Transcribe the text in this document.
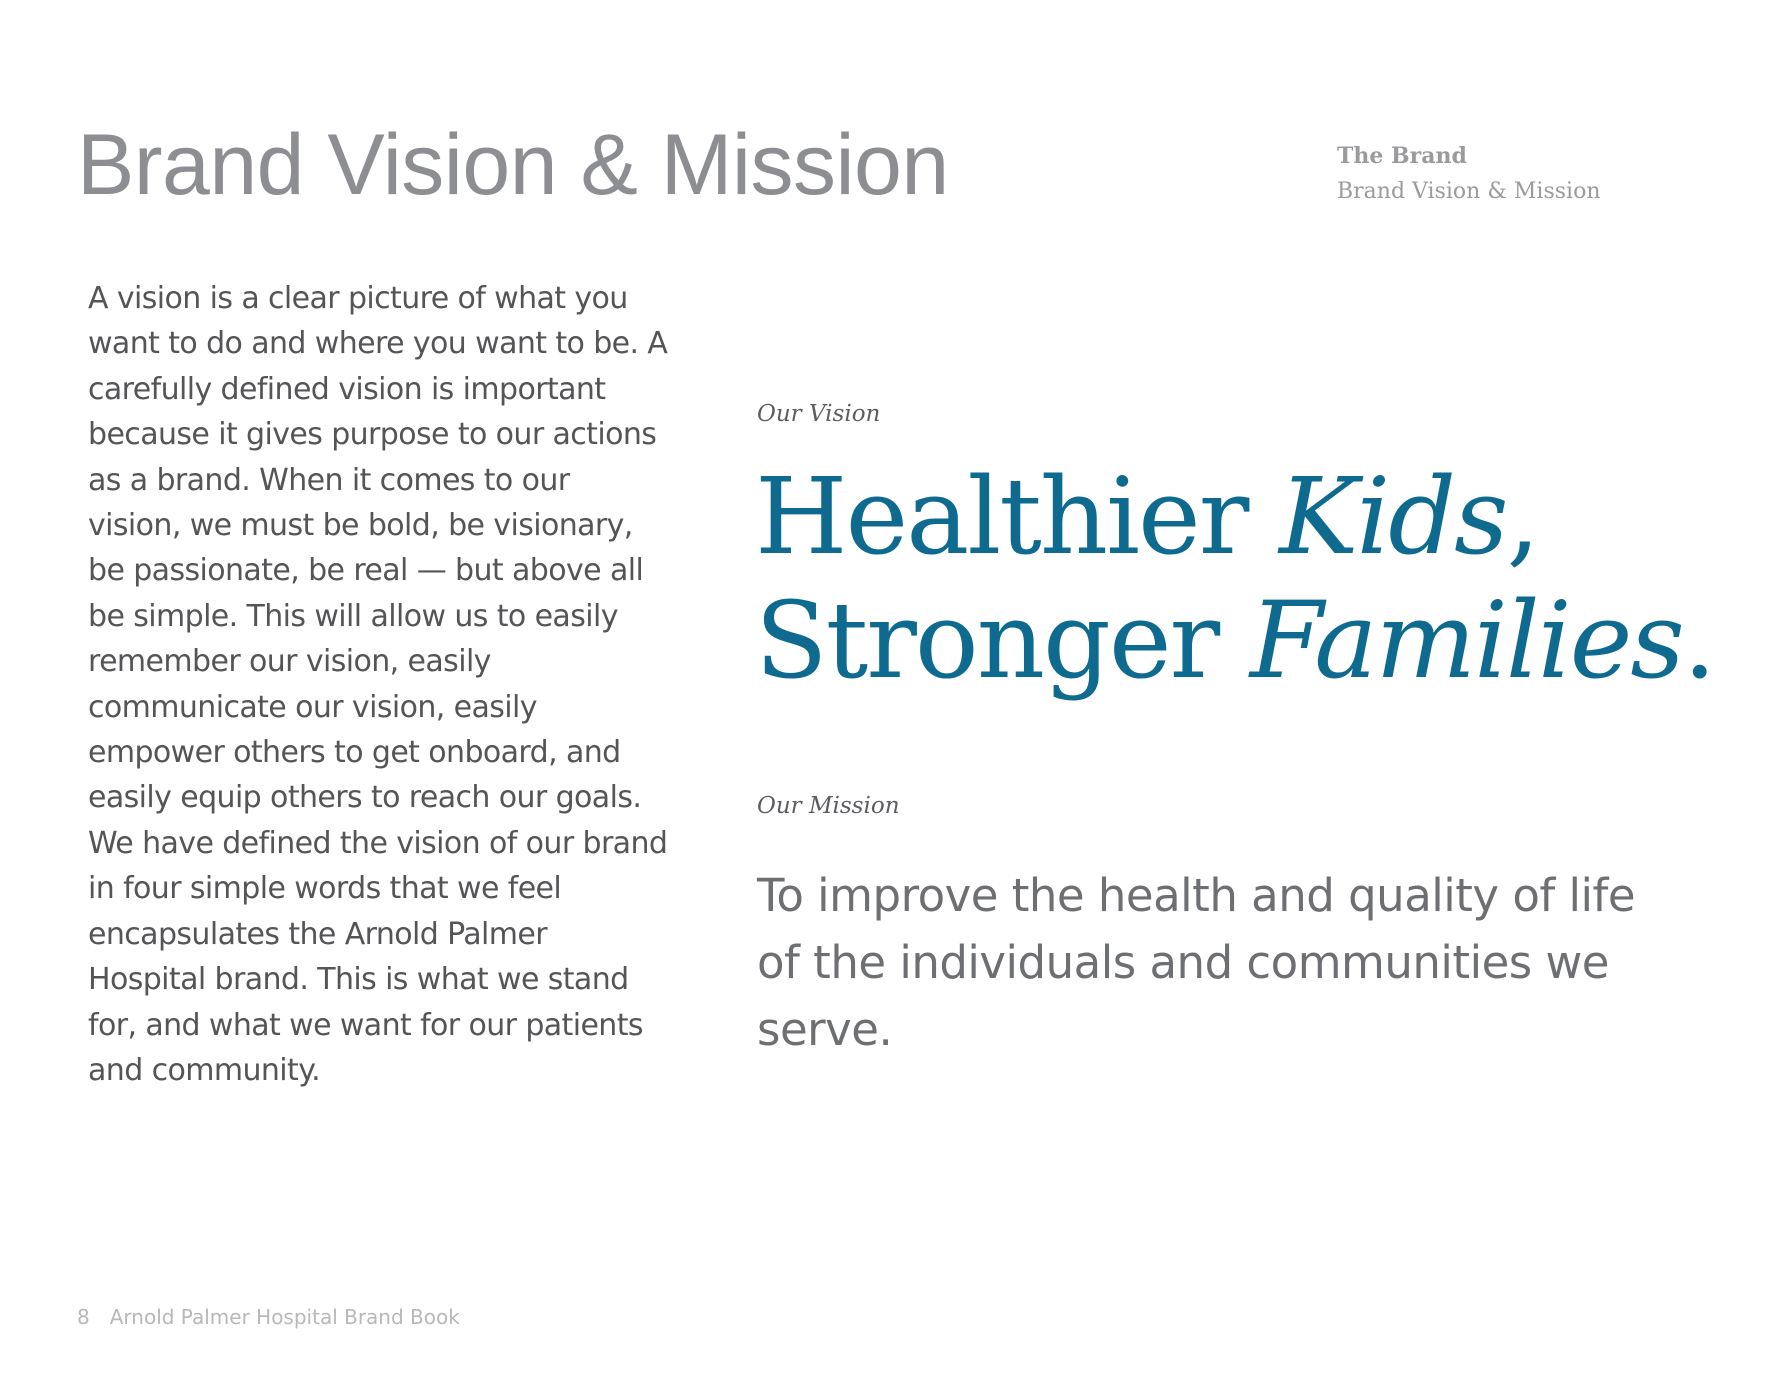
Brand Vision & Mission	The Brand
Brand Vision & Mission

A vision is a clear picture of what you want to do and where you want to be. A carefully defined vision is important because it gives purpose to our actions as a brand. When it comes to our vision, we must be bold, be visionary, be passionate, be real — but above all be simple. This will allow us to easily remember our vision, easily communicate our vision, easily empower others to get onboard, and easily equip others to reach our goals. We have defined the vision of our brand in four simple words that we feel encapsulates the Arnold Palmer Hospital brand. This is what we stand for, and what we want for our patients and community.

Our Vision

Healthier Kids,
Stronger Families.

Our Mission

To improve the health and quality of life of the individuals and communities we serve.

8 Arnold Palmer Hospital Brand Book
